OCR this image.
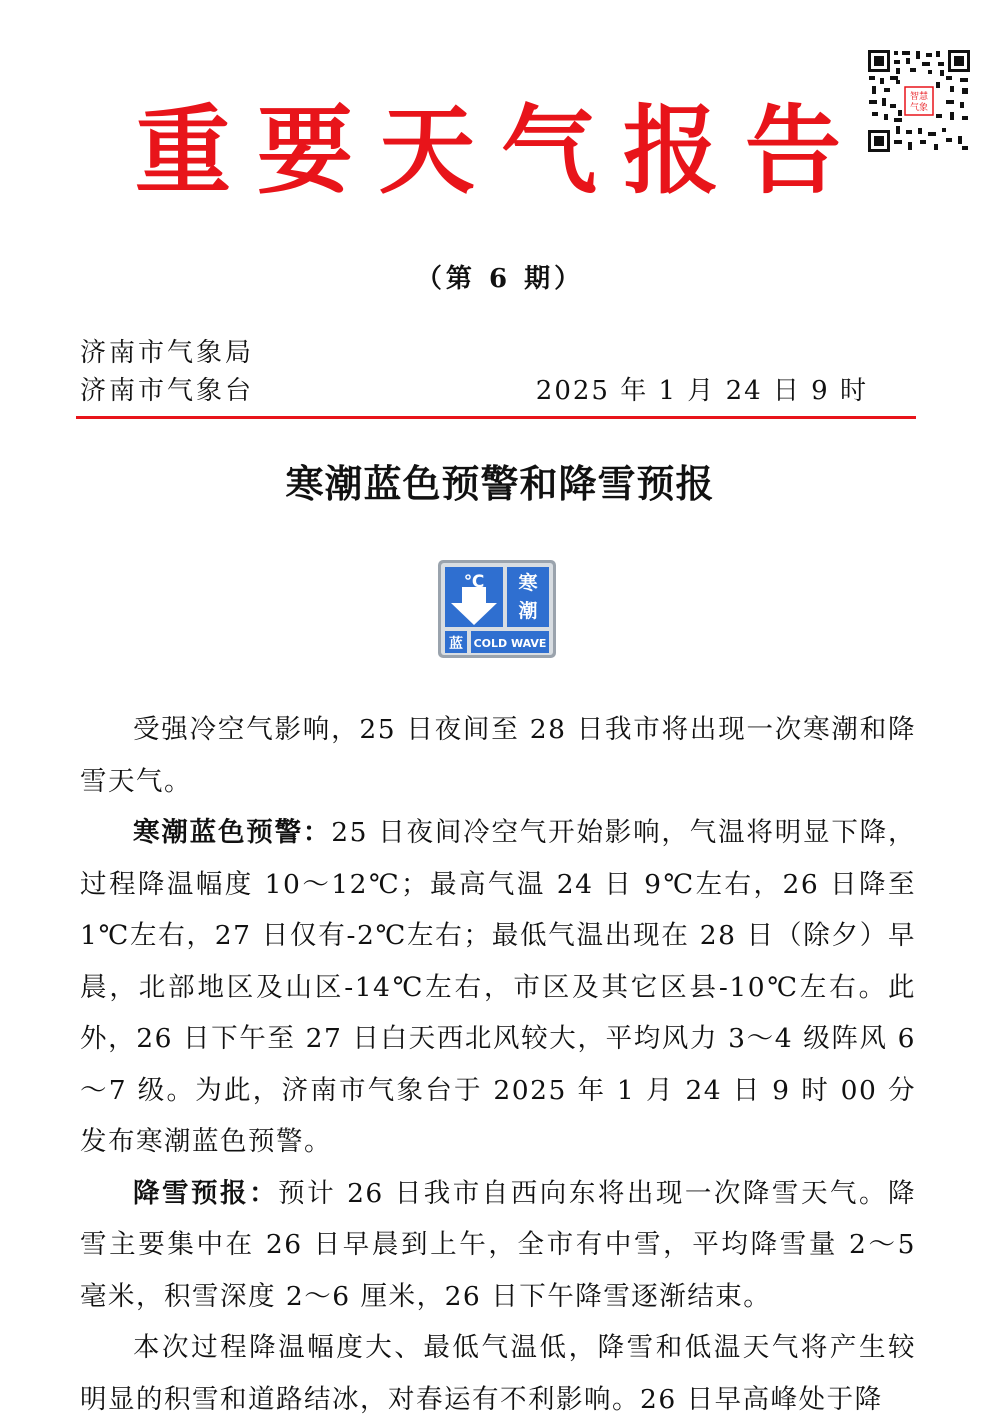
重 要 天 气 报 告	智慧
气象
（第 6 期）
济南市气象局
济南市气象台	2025 年 1 月 24 日 9 时
寒潮蓝色预警和降雪预报
℃ 寒
潮
蓝 COLD WAVE

受强冷空气影响，25 日夜间至 28 日我市将出现一次寒潮和降雪天气。

寒潮蓝色预警：25 日夜间冷空气开始影响，气温将明显下降，过程降温幅度 10～12℃；最高气温 24 日 9℃左右，26 日降至 1℃左右，27 日仅有-2℃左右；最低气温出现在 28 日（除夕）早晨，北部地区及山区-14℃左右，市区及其它区县-10℃左右。此外，26 日下午至 27 日白天西北风较大，平均风力 3～4 级阵风 6～7 级。为此，济南市气象台于 2025 年 1 月 24 日 9 时 00 分发布寒潮蓝色预警。

降雪预报：预计 26 日我市自西向东将出现一次降雪天气。降雪主要集中在 26 日早晨到上午，全市有中雪，平均降雪量 2～5 毫米，积雪深度 2～6 厘米，26 日下午降雪逐渐结束。

本次过程降温幅度大、最低气温低，降雪和低温天气将产生较明显的积雪和道路结冰，对春运有不利影响。26 日早高峰处于降
